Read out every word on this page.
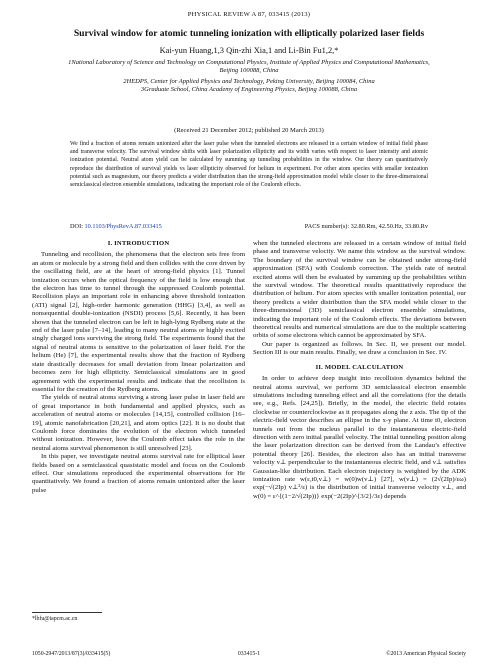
PHYSICAL REVIEW A 87, 033415 (2013)
Survival window for atomic tunneling ionization with elliptically polarized laser fields
Kai-yun Huang,1,3 Qin-zhi Xia,1 and Li-Bin Fu1,2,*
1National Laboratory of Science and Technology on Computational Physics, Institute of Applied Physics and Computational Mathematics,
Beijing 100088, China
2HEDPS, Center for Applied Physics and Technology, Peking University, Beijing 100084, China
3Graduate School, China Academy of Engineering Physics, Beijing 100088, China
(Received 21 December 2012; published 20 March 2013)
We find a fraction of atoms remain unionized after the laser pulse when the tunneled electrons are released in a certain window of initial field phase and transverse velocity. The survival window shifts with laser polarization ellipticity and its width varies with respect to laser intensity and atomic ionization potential. Neutral atom yield can be calculated by summing up tunneling probabilities in the window. Our theory can quantitatively reproduce the distribution of survival yields vs laser ellipticity observed for helium in experiment. For other atom species with smaller ionization potential such as magnesium, our theory predicts a wider distribution than the strong-field approximation model while closer to the three-dimensional semiclassical electron ensemble simulations, indicating the important role of the Coulomb effects.
DOI: 10.1103/PhysRevA.87.033415	PACS number(s): 32.80.Rm, 42.50.Hz, 33.80.Rv
I. INTRODUCTION

Tunneling and recollision, the phenomena that the electron sets free from an atom or molecule by a strong field and then collides with the core driven by the oscillating field, are at the heart of strong-field physics [1]. Tunnel ionization occurs when the optical frequency of the field is low enough that the electron has time to tunnel through the suppressed Coulomb potential. Recollision plays an important role in enhancing above threshold ionization (ATI) signal [2], high-order harmonic generation (HHG) [3,4], as well as nonsequential double-ionization (NSDI) process [5,6]. Recently, it has been shown that the tunneled electron can be left in high-lying Rydberg state at the end of the laser pulse [7–14], leading to many neutral atoms or highly excited singly charged ions surviving the strong field. The experiments found that the signal of neutral atoms is sensitive to the polarization of laser field. For the helium (He) [7], the experimental results show that the fraction of Rydberg state drastically decreases for small deviation from linear polarization and becomes zero for high ellipticity. Semiclassical simulations are in good agreement with the experimental results and indicate that the recollision is essential for the creation of the Rydberg atoms.

The yields of neutral atoms surviving a strong laser pulse in laser field are of great importance in both fundamental and applied physics, such as acceleration of neutral atoms or molecules [14,15], controlled collision [16–19], atomic nanofabrication [20,21], and atom optics [22]. It is no doubt that Coulomb force dominates the evolution of the electron which tunneled without ionization. However, how the Coulomb effect takes the role in the neutral atoms survival phenomenon is still unresolved [23].

In this paper, we investigate neutral atoms survival rate for elliptical laser fields based on a semiclassical quasistatic model and focus on the Coulomb effect. Our simulations reproduced the experimental observations for He quantitatively. We found a fraction of atoms remain unionized after the laser pulse

when the tunneled electrons are released in a certain window of initial field phase and transverse velocity. We name this window as the survival window. The boundary of the survival window can be obtained under strong-field approximation (SFA) with Coulomb correction. The yields rate of neutral excited atoms will then be evaluated by summing up the probabilities within the survival window. The theoretical results quantitatively reproduce the distribution of helium. For atom species with smaller ionization potential, our theory predicts a wider distribution than the SFA model while closer to the three-dimensional (3D) semiclassical electron ensemble simulations, indicating the important role of the Coulomb effects. The deviations between theoretical results and numerical simulations are due to the multiple scattering orbits of some electrons which cannot be approximated by SFA.

Our paper is organized as follows. In Sec. II, we present our model. Section III is our main results. Finally, we draw a conclusion in Sec. IV.

II. MODEL CALCULATION

In order to achieve deep insight into recollision dynamics behind the neutral atoms survival, we perform 3D semiclassical electron ensemble simulations including tunneling effect and all the correlations (for the details see, e.g., Refs. [24,25]). Briefly, in the model, the electric field rotates clockwise or counterclockwise as it propagates along the z axis. The tip of the electric-field vector describes an ellipse in the x-y plane. At time t0, electron tunnels out from the nucleus parallel to the instantaneous electric-field direction with zero initial parallel velocity. The initial tunneling position along the laser polarization direction can be derived from the Landau’s effective potential theory [26]. Besides, the electron also has an initial transverse velocity v⊥ perpendicular to the instantaneous electric field, and v⊥ satisfies Gaussian-like distribution. Each electron trajectory is weighted by the ADK ionization rate w(ε,t0,v⊥) = w(0)w(v⊥) [27], w(v⊥) = (2√(2Ip)/εω) exp(−√(2Ip) v⊥²/ε) is the distribution of initial transverse velocity v⊥, and w(0) = ε^{(1−2/√(2Ip))} exp(−2(2Ip)^{3/2}/3ε) depends

*lbfu@iapcm.ac.cn
1050-2947/2013/87(3)/033415(5)	033415-1	©2013 American Physical Society
